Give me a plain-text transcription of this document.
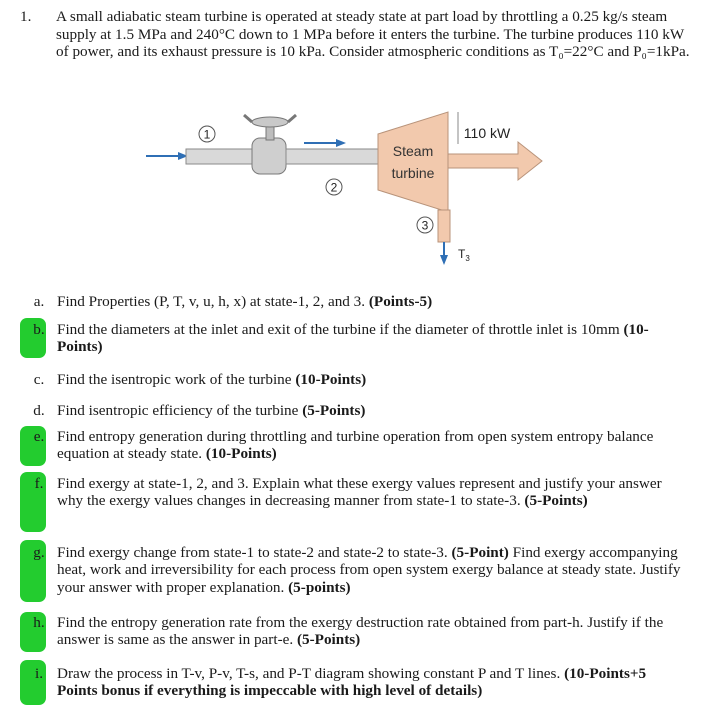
1. A small adiabatic steam turbine is operated at steady state at part load by throttling a 0.25 kg/s steam supply at 1.5 MPa and 240°C down to 1 MPa before it enters the turbine. The turbine produces 110 kW of power, and its exhaust pressure is 10 kPa. Consider atmospheric conditions as T₀=22°C and P₀=1kPa.
1
2
3
Steam
turbine
110 kW
$T_3$
a. Find Properties (P, T, v, u, h, x) at state-1, 2, and 3. (Points-5)
b. Find the diameters at the inlet and exit of the turbine if the diameter of throttle inlet is 10mm (10-Points)
c. Find the isentropic work of the turbine (10-Points)
d. Find isentropic efficiency of the turbine (5-Points)
e. Find entropy generation during throttling and turbine operation from open system entropy balance equation at steady state. (10-Points)
f. Find exergy at state-1, 2, and 3. Explain what these exergy values represent and justify your answer why the exergy values changes in decreasing manner from state-1 to state-3. (5-Points)
g. Find exergy change from state-1 to state-2 and state-2 to state-3. (5-Point) Find exergy accompanying heat, work and irreversibility for each process from open system exergy balance at steady state. Justify your answer with proper explanation. (5-points)
h. Find the entropy generation rate from the exergy destruction rate obtained from part-h. Justify if the answer is same as the answer in part-e. (5-Points)
i. Draw the process in T-v, P-v, T-s, and P-T diagram showing constant P and T lines. (10-Points+5 Points bonus if everything is impeccable with high level of details)
